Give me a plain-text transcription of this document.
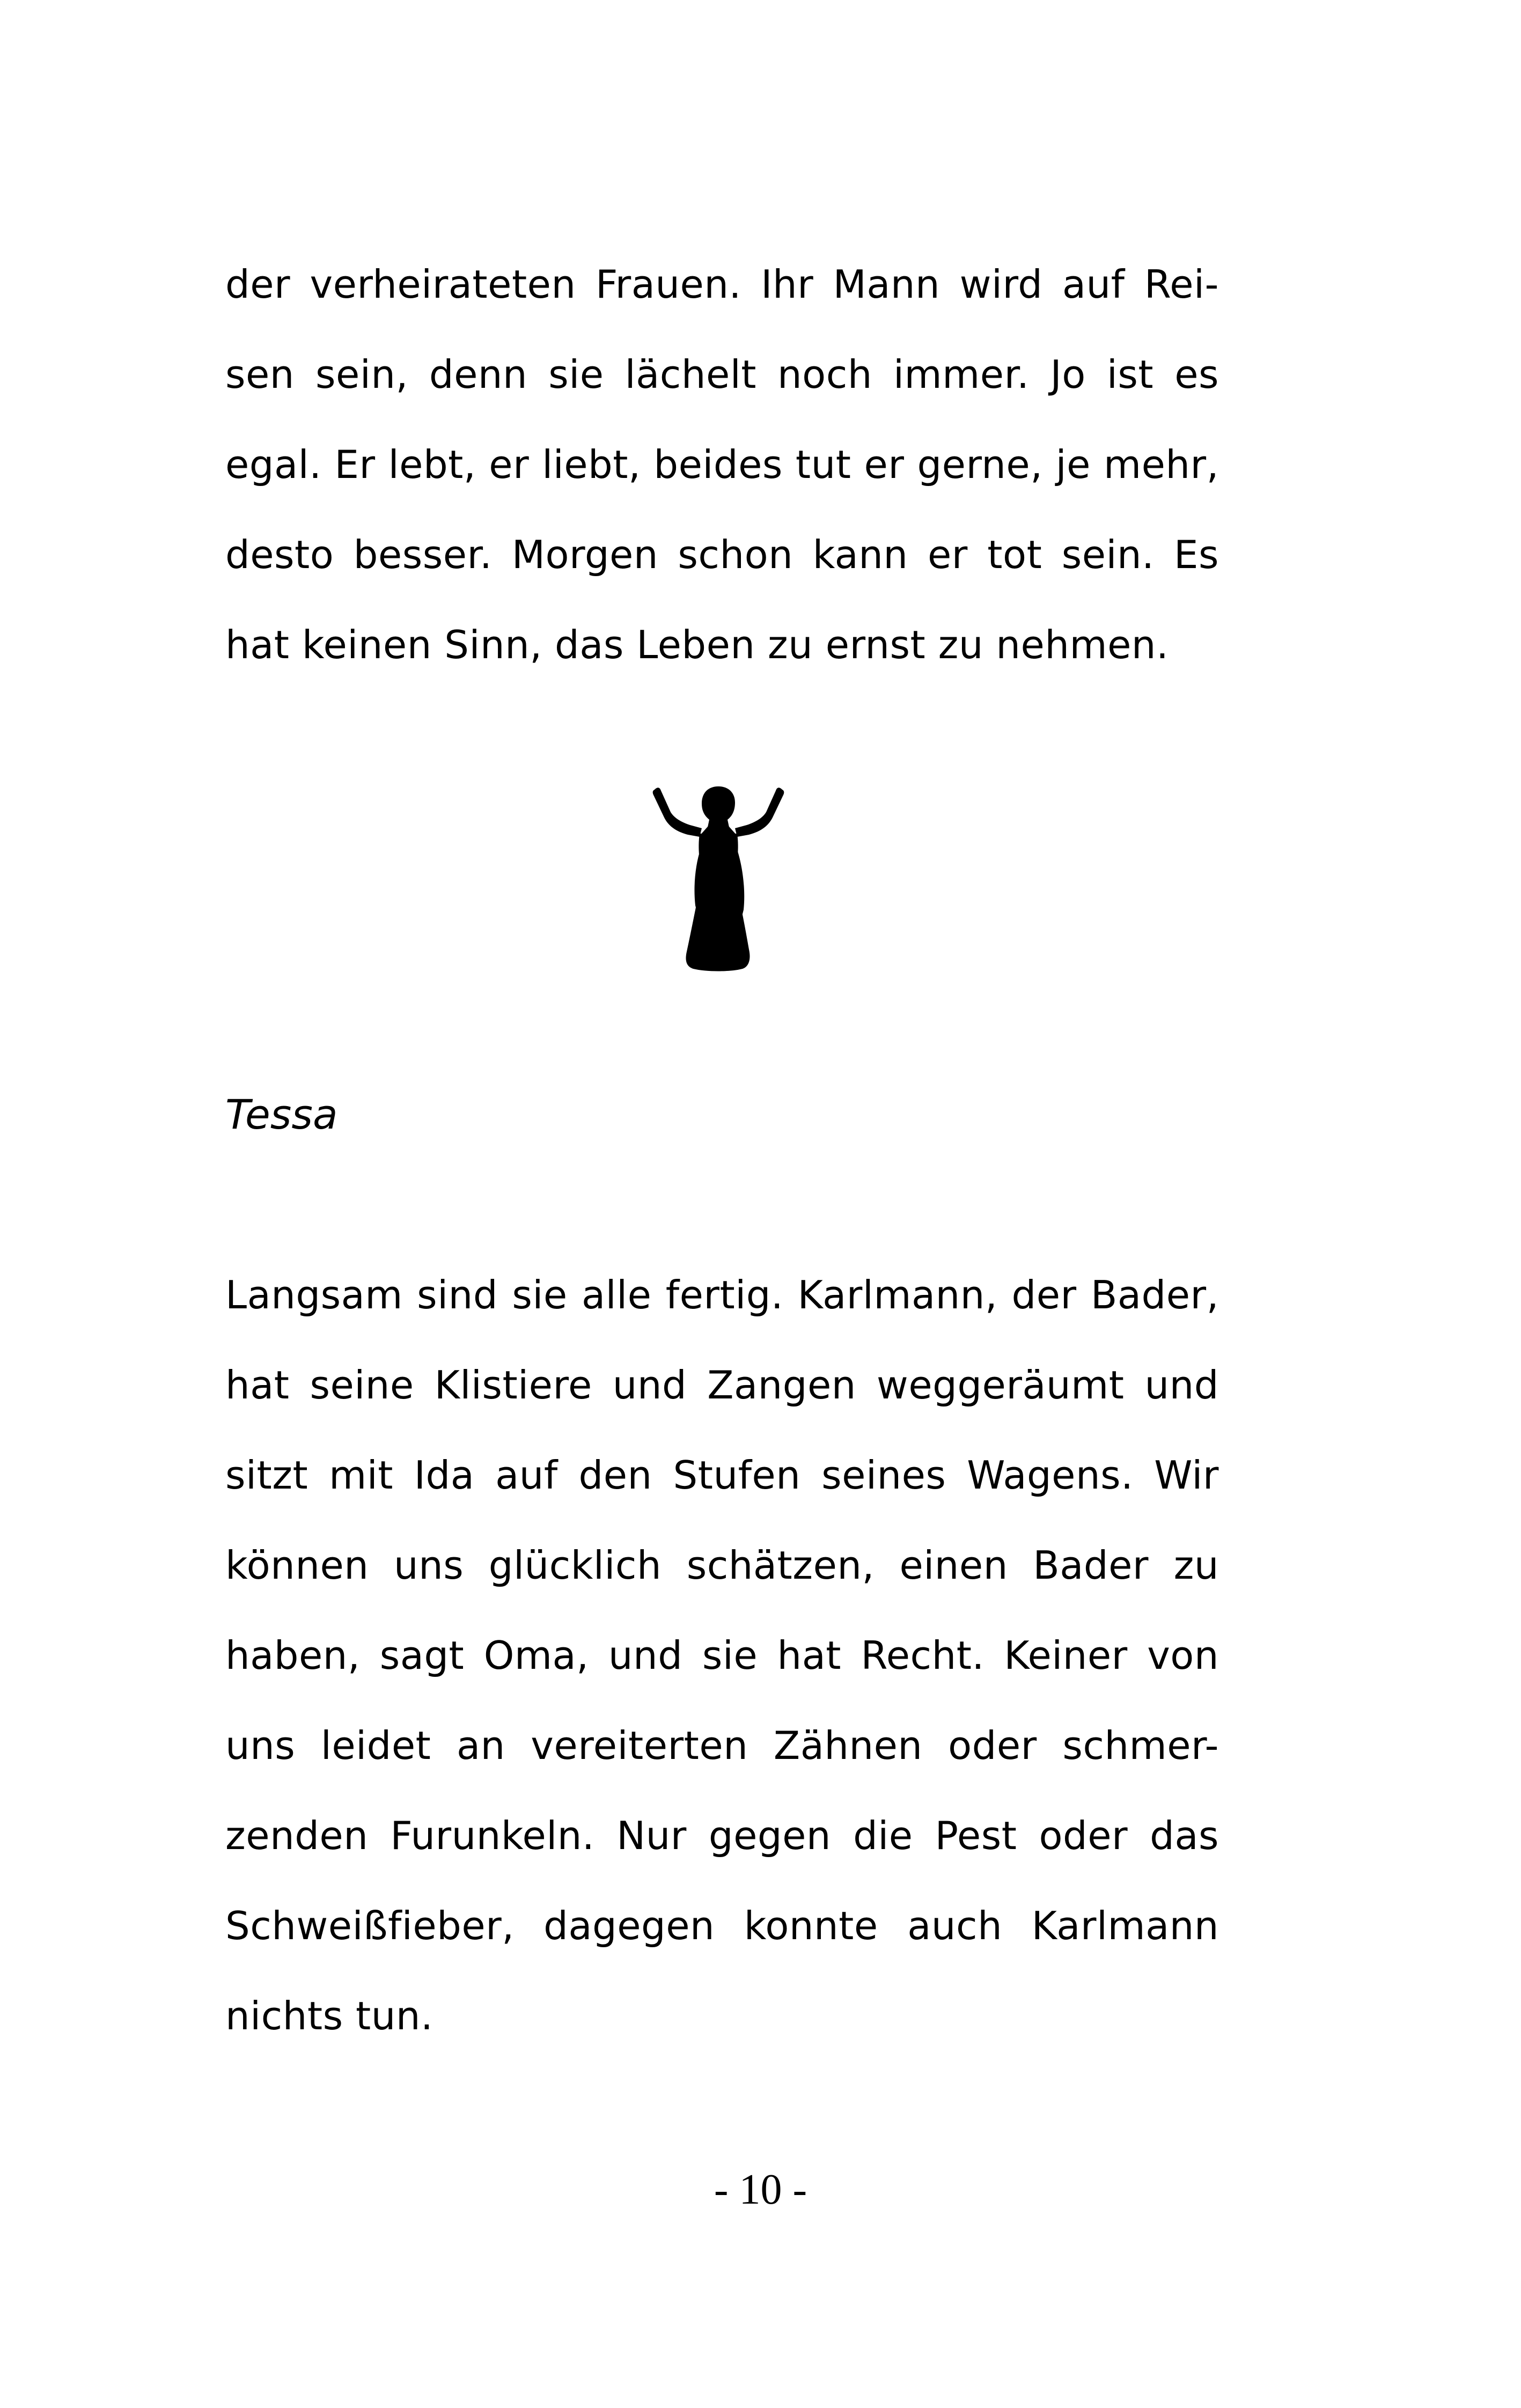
der verheirateten Frauen. Ihr Mann wird auf Rei-
sen sein, denn sie lächelt noch immer. Jo ist es
egal. Er lebt, er liebt, beides tut er gerne, je mehr,
desto besser. Morgen schon kann er tot sein. Es
hat keinen Sinn, das Leben zu ernst zu nehmen.
Tessa
Langsam sind sie alle fertig. Karlmann, der Bader,
hat seine Klistiere und Zangen weggeräumt und
sitzt mit Ida auf den Stufen seines Wagens. Wir
können uns glücklich schätzen, einen Bader zu
haben, sagt Oma, und sie hat Recht. Keiner von
uns leidet an vereiterten Zähnen oder schmer-
zenden Furunkeln. Nur gegen die Pest oder das
Schweißfieber, dagegen konnte auch Karlmann
nichts tun.
- 10 -
